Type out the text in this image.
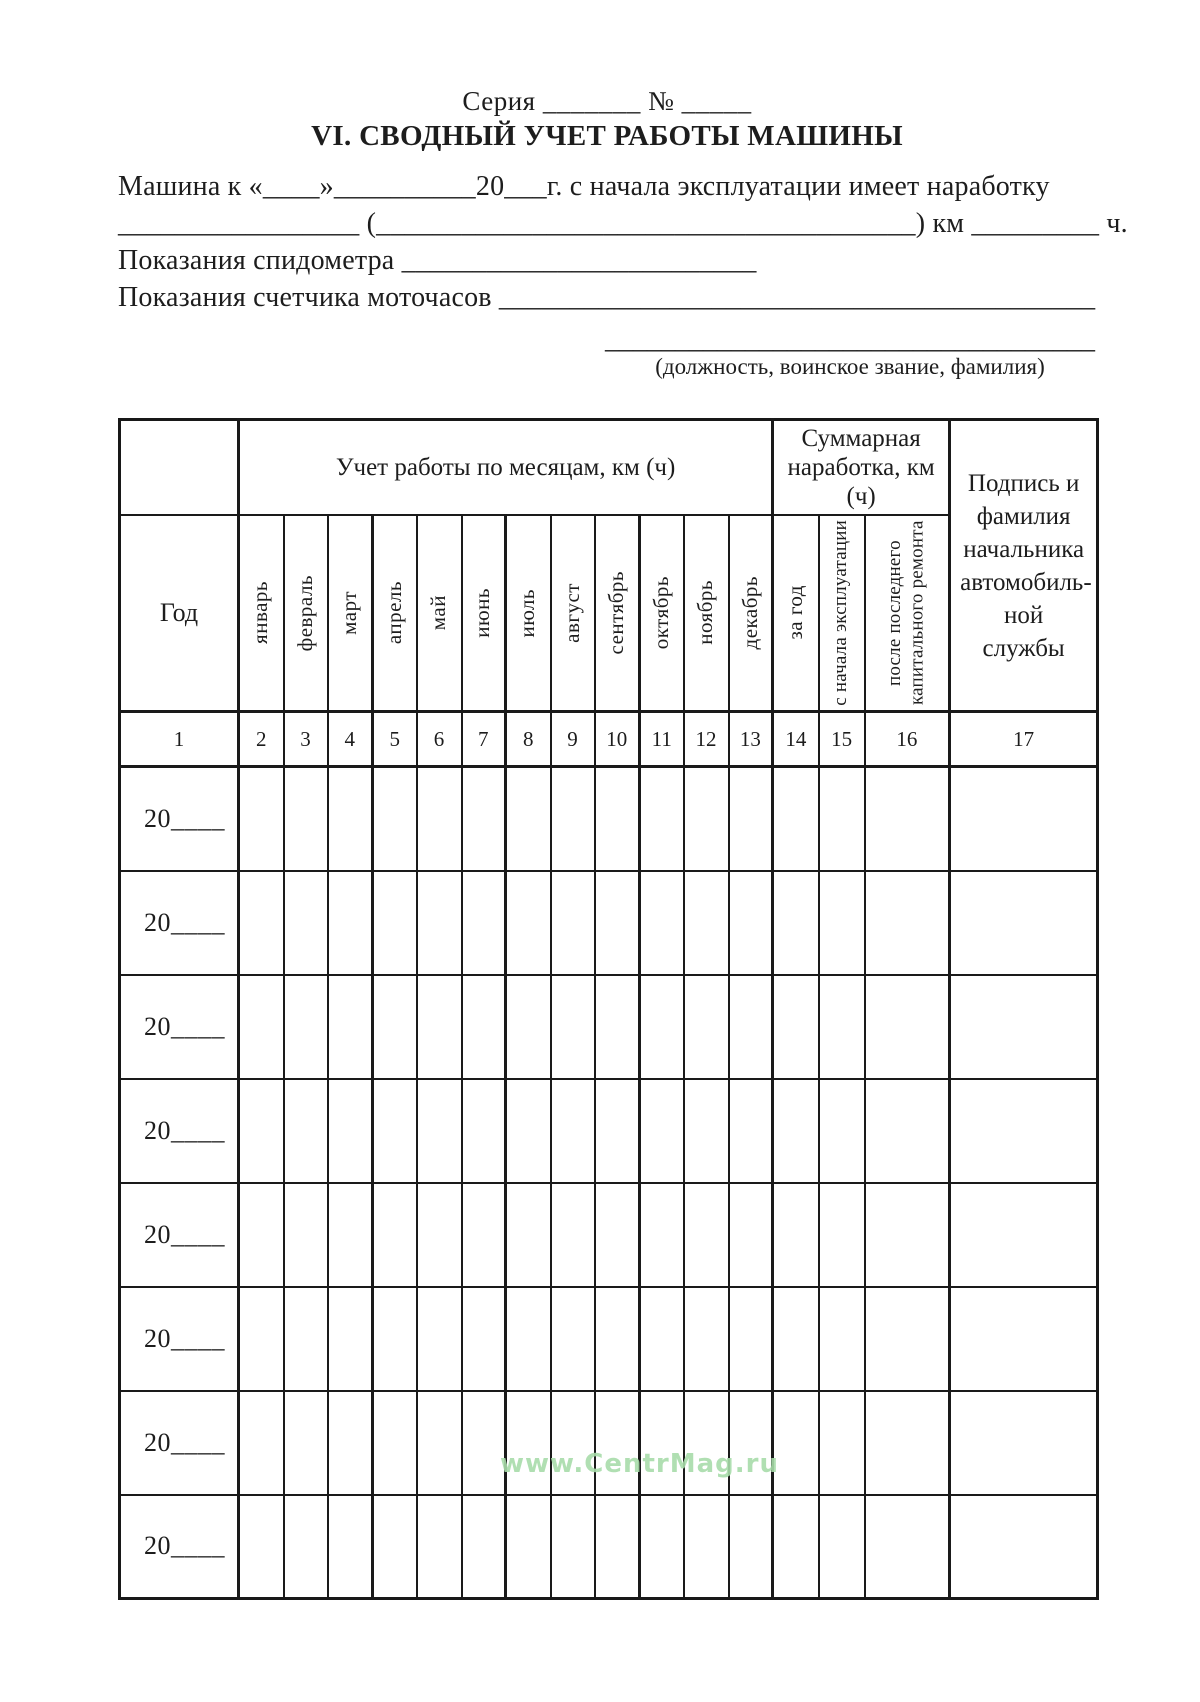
Серия _______ № _____
VI. СВОДНЫЙ УЧЕТ РАБОТЫ МАШИНЫ
Машина к «____»__________20___г. с начала эксплуатации имеет наработку
_________________ (______________________________________) км _________ ч.
Показания спидометра _________________________
Показания счетчика моточасов __________________________________________
___________________________________
(должность, воинское звание, фамилия)
	Учет работы по месяцам, км (ч)												Суммарная наработка, км (ч)			Подпись и фамилия начальника автомобильной службы
Год	январь	февраль	март	апрель	май	июнь	июль	август	сентябрь	октябрь	ноябрь	декабрь	за год	с начала эксплуатации	после последнего капитального ремонта	

1	2	3	4	5	6	7	8	9	10	11	12	13	14	15	16	17
20____																
20____																
20____																
20____																
20____																
20____																
20____																
20____																
www.CentrMag.ru
